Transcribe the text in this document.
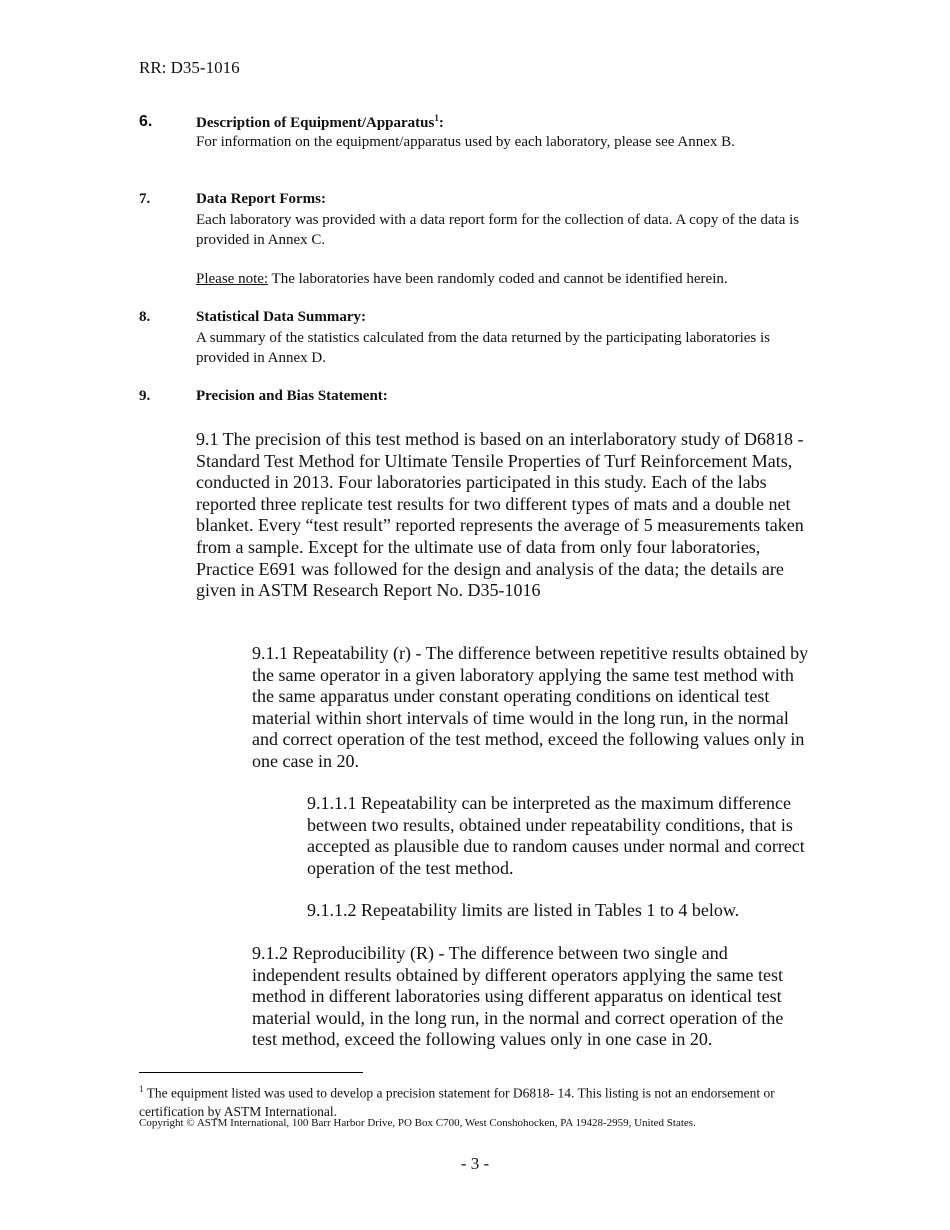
RR: D35-1016
6.	Description of Equipment/Apparatus$^1$:
For information on the equipment/apparatus used by each laboratory, please see Annex B.
7.	Data Report Forms:
Each laboratory was provided with a data report form for the collection of data. A copy of the data is provided in Annex C.
Please note: The laboratories have been randomly coded and cannot be identified herein.
8.	Statistical Data Summary:
A summary of the statistics calculated from the data returned by the participating laboratories is provided in Annex D.
9.	Precision and Bias Statement:
9.1 The precision of this test method is based on an interlaboratory study of D6818 - Standard Test Method for Ultimate Tensile Properties of Turf Reinforcement Mats, conducted in 2013. Four laboratories participated in this study. Each of the labs reported three replicate test results for two different types of mats and a double net blanket. Every “test result” reported represents the average of 5 measurements taken from a sample. Except for the ultimate use of data from only four laboratories, Practice E691 was followed for the design and analysis of the data; the details are given in ASTM Research Report No. D35-1016
9.1.1 Repeatability (r) - The difference between repetitive results obtained by the same operator in a given laboratory applying the same test method with the same apparatus under constant operating conditions on identical test material within short intervals of time would in the long run, in the normal and correct operation of the test method, exceed the following values only in one case in 20.
9.1.1.1 Repeatability can be interpreted as the maximum difference between two results, obtained under repeatability conditions, that is accepted as plausible due to random causes under normal and correct operation of the test method.
9.1.1.2 Repeatability limits are listed in Tables 1 to 4 below.
9.1.2 Reproducibility (R) - The difference between two single and independent results obtained by different operators applying the same test method in different laboratories using different apparatus on identical test material would, in the long run, in the normal and correct operation of the test method, exceed the following values only in one case in 20.
$^1$ The equipment listed was used to develop a precision statement for D6818- 14. This listing is not an endorsement or certification by ASTM International.
Copyright © ASTM International, 100 Barr Harbor Drive, PO Box C700, West Conshohocken, PA 19428-2959, United States.
- 3 -
